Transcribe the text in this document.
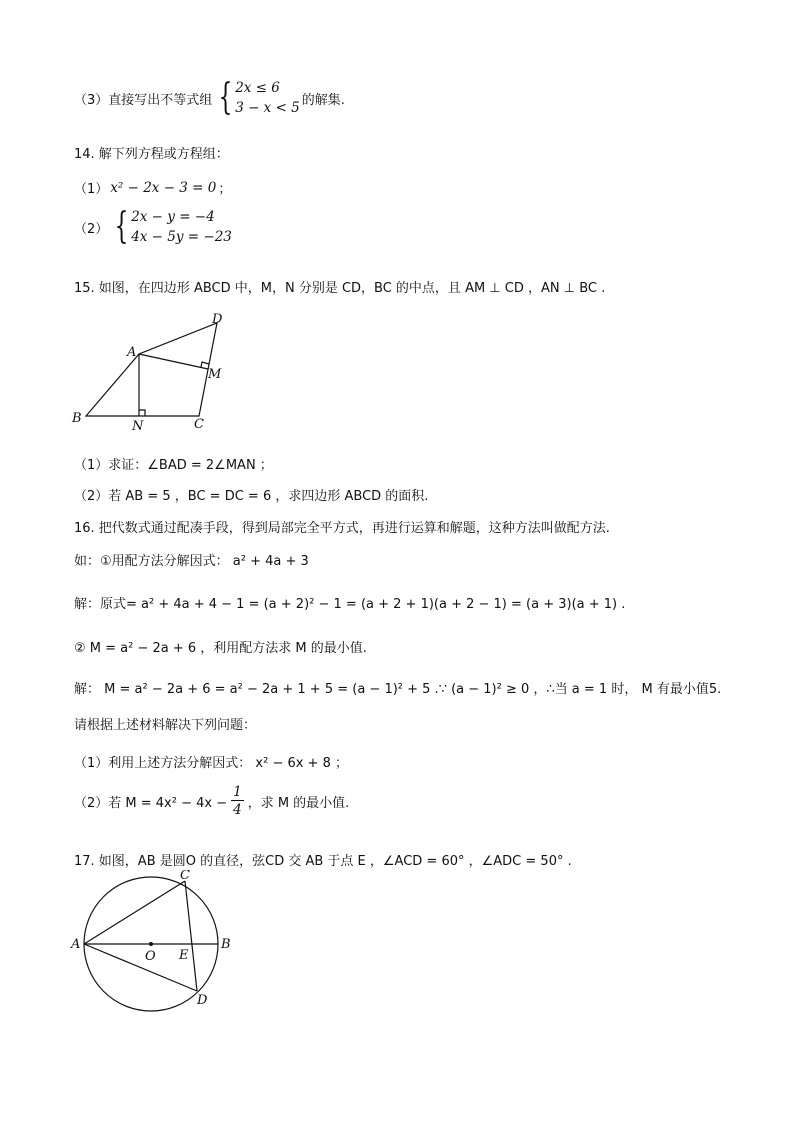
（3）直接写出不等式组 { 2x ≤ 6
3 − x < 5 的解集.
14. 解下列方程或方程组：
（1） x² − 2x − 3 = 0 ；
（2） { 2x − y = −4
4x − 5y = −23
15. 如图，在四边形 ABCD 中，M，N 分别是 CD，BC 的中点，且 AM ⊥ CD ，AN ⊥ BC .
A
B	C
D
M
N
（1）求证：∠BAD = 2∠MAN ；
（2）若 AB = 5 ，BC = DC = 6 ，求四边形 ABCD 的面积.
16. 把代数式通过配凑手段，得到局部完全平方式，再进行运算和解题，这种方法叫做配方法.
如：①用配方法分解因式： a² + 4a + 3
解：原式= a² + 4a + 4 − 1 = (a + 2)² − 1 = (a + 2 + 1)(a + 2 − 1) = (a + 3)(a + 1) .
② M = a² − 2a + 6 ，利用配方法求 M 的最小值.
解： M = a² − 2a + 6 = a² − 2a + 1 + 5 = (a − 1)² + 5 .∵ (a − 1)² ≥ 0 ，∴当 a = 1 时， M 有最小值5.
请根据上述材料解决下列问题：
（1）利用上述方法分解因式： x² − 6x + 8 ；
（2）若 $M = 4x^2 - 4x - \frac{1}{4}$ ，求 M 的最小值.
17. 如图，AB 是圆O 的直径，弦CD 交 AB 于点 E ，∠ACD = 60° ，∠ADC = 50° .
A	B
C
D
E
O
